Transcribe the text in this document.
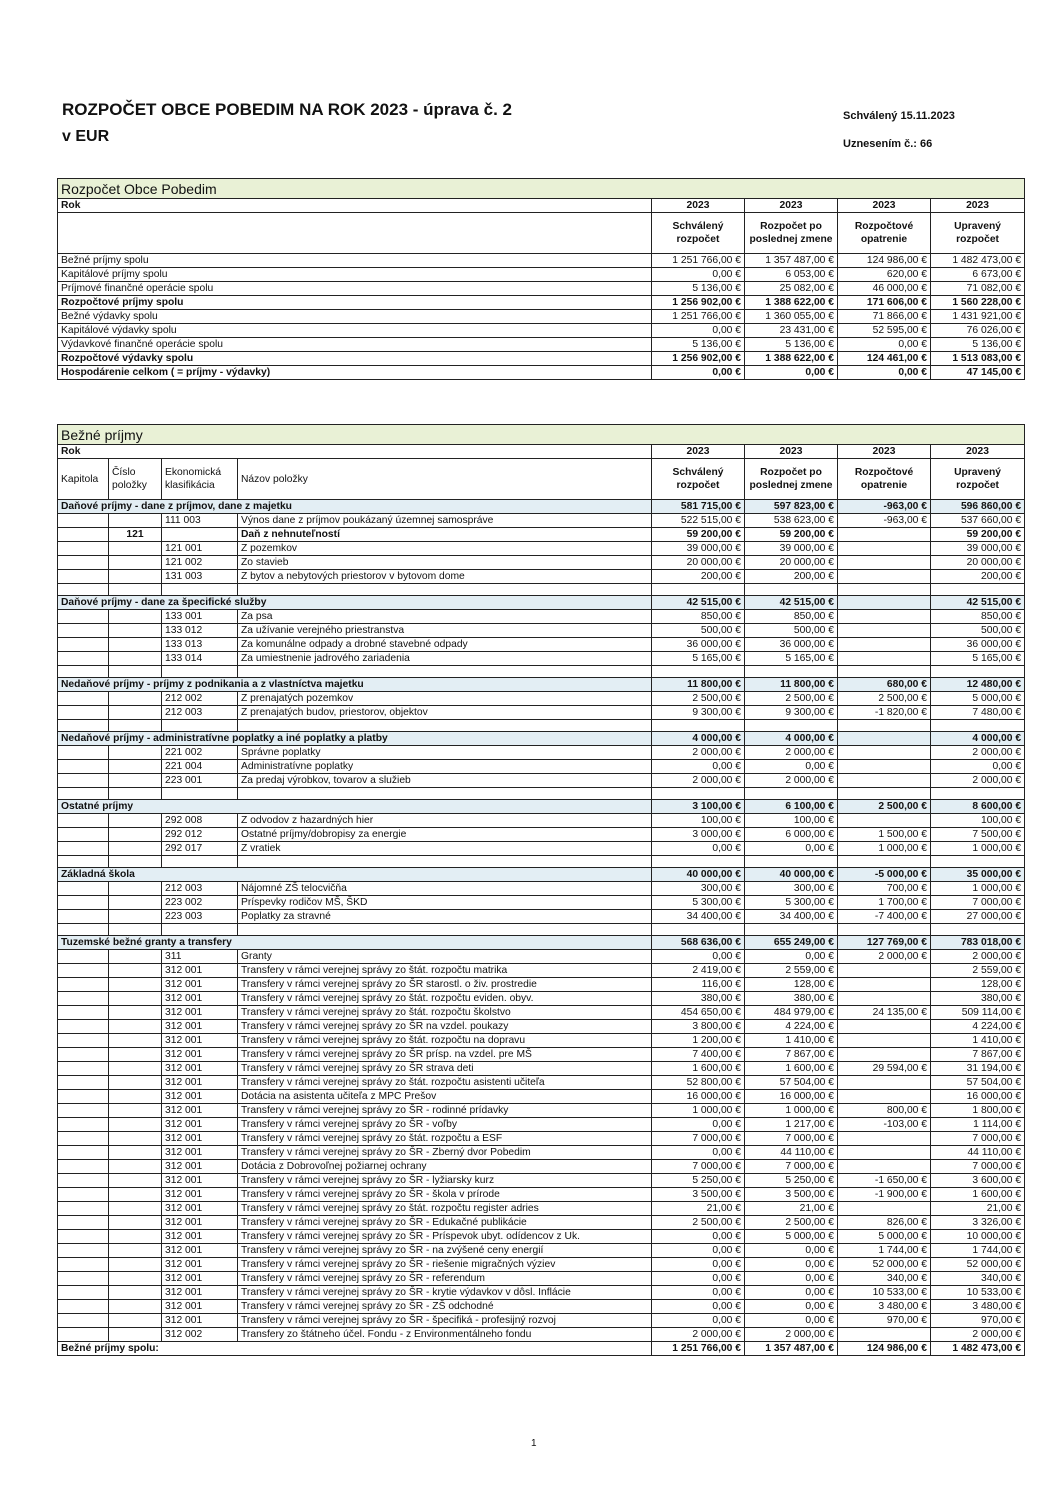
ROZPOČET OBCE POBEDIM NA ROK 2023 - úprava č. 2
v EUR
Schválený 15.11.2023
Uznesením č.: 66
Rozpočet Obce Pobedim				
Rok	2023	2023	2023	2023
	Schválený rozpočet	Rozpočet po poslednej zmene	Rozpočtové opatrenie	Upravený rozpočet
Bežné príjmy spolu	1 251 766,00 €	1 357 487,00 €	124 986,00 €	1 482 473,00 €
Kapitálové príjmy spolu	0,00 €	6 053,00 €	620,00 €	6 673,00 €
Príjmové finančné operácie spolu	5 136,00 €	25 082,00 €	46 000,00 €	71 082,00 €
Rozpočtové príjmy spolu	1 256 902,00 €	1 388 622,00 €	171 606,00 €	1 560 228,00 €
Bežné výdavky spolu	1 251 766,00 €	1 360 055,00 €	71 866,00 €	1 431 921,00 €
Kapitálové výdavky spolu	0,00 €	23 431,00 €	52 595,00 €	76 026,00 €
Výdavkové finančné operácie spolu	5 136,00 €	5 136,00 €	0,00 €	5 136,00 €
Rozpočtové výdavky spolu	1 256 902,00 €	1 388 622,00 €	124 461,00 €	1 513 083,00 €
Hospodárenie celkom ( = príjmy - výdavky)	0,00 €	0,00 €	0,00 €	47 145,00 €
Bežné príjmy							
Rok				2023	2023	2023	2023
Kapitola	Číslo položky	Ekonomická klasifikácia	Názov položky	Schválený rozpočet	Rozpočet po poslednej zmene	Rozpočtové opatrenie	Upravený rozpočet
Daňové príjmy - dane z príjmov, dane z majetku				581 715,00 €	597 823,00 €	-963,00 €	596 860,00 €
		111 003	Výnos dane z príjmov poukázaný územnej samospráve	522 515,00 €	538 623,00 €	-963,00 €	537 660,00 €
	121		Daň z nehnuteľností	59 200,00 €	59 200,00 €		59 200,00 €
		121 001	Z pozemkov	39 000,00 €	39 000,00 €		39 000,00 €
		121 002	Zo stavieb	20 000,00 €	20 000,00 €		20 000,00 €
		131 003	Z bytov a nebytových priestorov v bytovom dome	200,00 €	200,00 €		200,00 €

Daňové príjmy - dane za špecifické služby				42 515,00 €	42 515,00 €		42 515,00 €
		133 001	Za psa	850,00 €	850,00 €		850,00 €
		133 012	Za užívanie verejného priestranstva	500,00 €	500,00 €		500,00 €
		133 013	Za komunálne odpady a drobné stavebné odpady	36 000,00 €	36 000,00 €		36 000,00 €
		133 014	Za umiestnenie jadrového zariadenia	5 165,00 €	5 165,00 €		5 165,00 €

Nedaňové príjmy - príjmy z podnikania a z vlastníctva majetku				11 800,00 €	11 800,00 €	680,00 €	12 480,00 €
		212 002	Z prenajatých pozemkov	2 500,00 €	2 500,00 €	2 500,00 €	5 000,00 €
		212 003	Z prenajatých budov, priestorov, objektov	9 300,00 €	9 300,00 €	-1 820,00 €	7 480,00 €

Nedaňové príjmy - administratívne poplatky a iné poplatky a platby				4 000,00 €	4 000,00 €		4 000,00 €
		221 002	Správne poplatky	2 000,00 €	2 000,00 €		2 000,00 €
		221 004	Administratívne poplatky	0,00 €	0,00 €		0,00 €
		223 001	Za predaj výrobkov, tovarov a služieb	2 000,00 €	2 000,00 €		2 000,00 €

Ostatné príjmy				3 100,00 €	6 100,00 €	2 500,00 €	8 600,00 €
		292 008	Z odvodov z hazardných hier	100,00 €	100,00 €		100,00 €
		292 012	Ostatné príjmy/dobropisy za energie	3 000,00 €	6 000,00 €	1 500,00 €	7 500,00 €
		292 017	Z vratiek	0,00 €	0,00 €	1 000,00 €	1 000,00 €

Základná škola				40 000,00 €	40 000,00 €	-5 000,00 €	35 000,00 €
		212 003	Nájomné ZŠ telocvičňa	300,00 €	300,00 €	700,00 €	1 000,00 €
		223 002	Príspevky rodičov MŠ, ŠKD	5 300,00 €	5 300,00 €	1 700,00 €	7 000,00 €
		223 003	Poplatky za stravné	34 400,00 €	34 400,00 €	-7 400,00 €	27 000,00 €

Tuzemské bežné granty a transfery				568 636,00 €	655 249,00 €	127 769,00 €	783 018,00 €
		311	Granty	0,00 €	0,00 €	2 000,00 €	2 000,00 €
		312 001	Transfery v rámci verejnej správy zo štát. rozpočtu matrika	2 419,00 €	2 559,00 €		2 559,00 €
		312 001	Transfery v rámci verejnej správy zo ŠR starostl. o živ. prostredie	116,00 €	128,00 €		128,00 €
		312 001	Transfery v rámci verejnej správy zo štát. rozpočtu eviden. obyv.	380,00 €	380,00 €		380,00 €
		312 001	Transfery v rámci verejnej správy zo štát. rozpočtu školstvo	454 650,00 €	484 979,00 €	24 135,00 €	509 114,00 €
		312 001	Transfery v rámci verejnej správy zo ŠR na vzdel. poukazy	3 800,00 €	4 224,00 €		4 224,00 €
		312 001	Transfery v rámci verejnej správy zo štát. rozpočtu na dopravu	1 200,00 €	1 410,00 €		1 410,00 €
		312 001	Transfery v rámci verejnej správy zo ŠR prísp. na vzdel. pre MŠ	7 400,00 €	7 867,00 €		7 867,00 €
		312 001	Transfery v rámci verejnej správy zo ŠR strava deti	1 600,00 €	1 600,00 €	29 594,00 €	31 194,00 €
		312 001	Transfery v rámci verejnej správy zo štát. rozpočtu asistenti učiteľa	52 800,00 €	57 504,00 €		57 504,00 €
		312 001	Dotácia na asistenta učiteľa z MPC Prešov	16 000,00 €	16 000,00 €		16 000,00 €
		312 001	Transfery v rámci verejnej správy zo ŠR - rodinné prídavky	1 000,00 €	1 000,00 €	800,00 €	1 800,00 €
		312 001	Transfery v rámci verejnej správy zo ŠR - voľby	0,00 €	1 217,00 €	-103,00 €	1 114,00 €
		312 001	Transfery v rámci verejnej správy zo štát. rozpočtu a ESF	7 000,00 €	7 000,00 €		7 000,00 €
		312 001	Transfery v rámci verejnej správy zo ŠR - Zberný dvor Pobedim	0,00 €	44 110,00 €		44 110,00 €
		312 001	Dotácia z Dobrovoľnej požiarnej ochrany	7 000,00 €	7 000,00 €		7 000,00 €
		312 001	Transfery v rámci verejnej správy zo ŠR - lyžiarsky kurz	5 250,00 €	5 250,00 €	-1 650,00 €	3 600,00 €
		312 001	Transfery v rámci verejnej správy zo ŠR - škola v prírode	3 500,00 €	3 500,00 €	-1 900,00 €	1 600,00 €
		312 001	Transfery v rámci verejnej správy zo štát. rozpočtu register adries	21,00 €	21,00 €		21,00 €
		312 001	Transfery v rámci verejnej správy zo ŠR - Edukačné publikácie	2 500,00 €	2 500,00 €	826,00 €	3 326,00 €
		312 001	Transfery v rámci verejnej správy zo ŠR - Príspevok ubyt. odídencov z Uk.	0,00 €	5 000,00 €	5 000,00 €	10 000,00 €
		312 001	Transfery v rámci verejnej správy zo ŠR - na zvýšené ceny energií	0,00 €	0,00 €	1 744,00 €	1 744,00 €
		312 001	Transfery v rámci verejnej správy zo ŠR - riešenie migračných výziev	0,00 €	0,00 €	52 000,00 €	52 000,00 €
		312 001	Transfery v rámci verejnej správy zo ŠR - referendum	0,00 €	0,00 €	340,00 €	340,00 €
		312 001	Transfery v rámci verejnej správy zo ŠR - krytie výdavkov v dôsl. Inflácie	0,00 €	0,00 €	10 533,00 €	10 533,00 €
		312 001	Transfery v rámci verejnej správy zo ŠR - ZŠ odchodné	0,00 €	0,00 €	3 480,00 €	3 480,00 €
		312 001	Transfery v rámci verejnej správy zo ŠR - špecifiká - profesijný rozvoj	0,00 €	0,00 €	970,00 €	970,00 €
		312 002	Transfery zo štátneho účel. Fondu - z Environmentálneho fondu	2 000,00 €	2 000,00 €		2 000,00 €
Bežné príjmy spolu:				1 251 766,00 €	1 357 487,00 €	124 986,00 €	1 482 473,00 €
1
